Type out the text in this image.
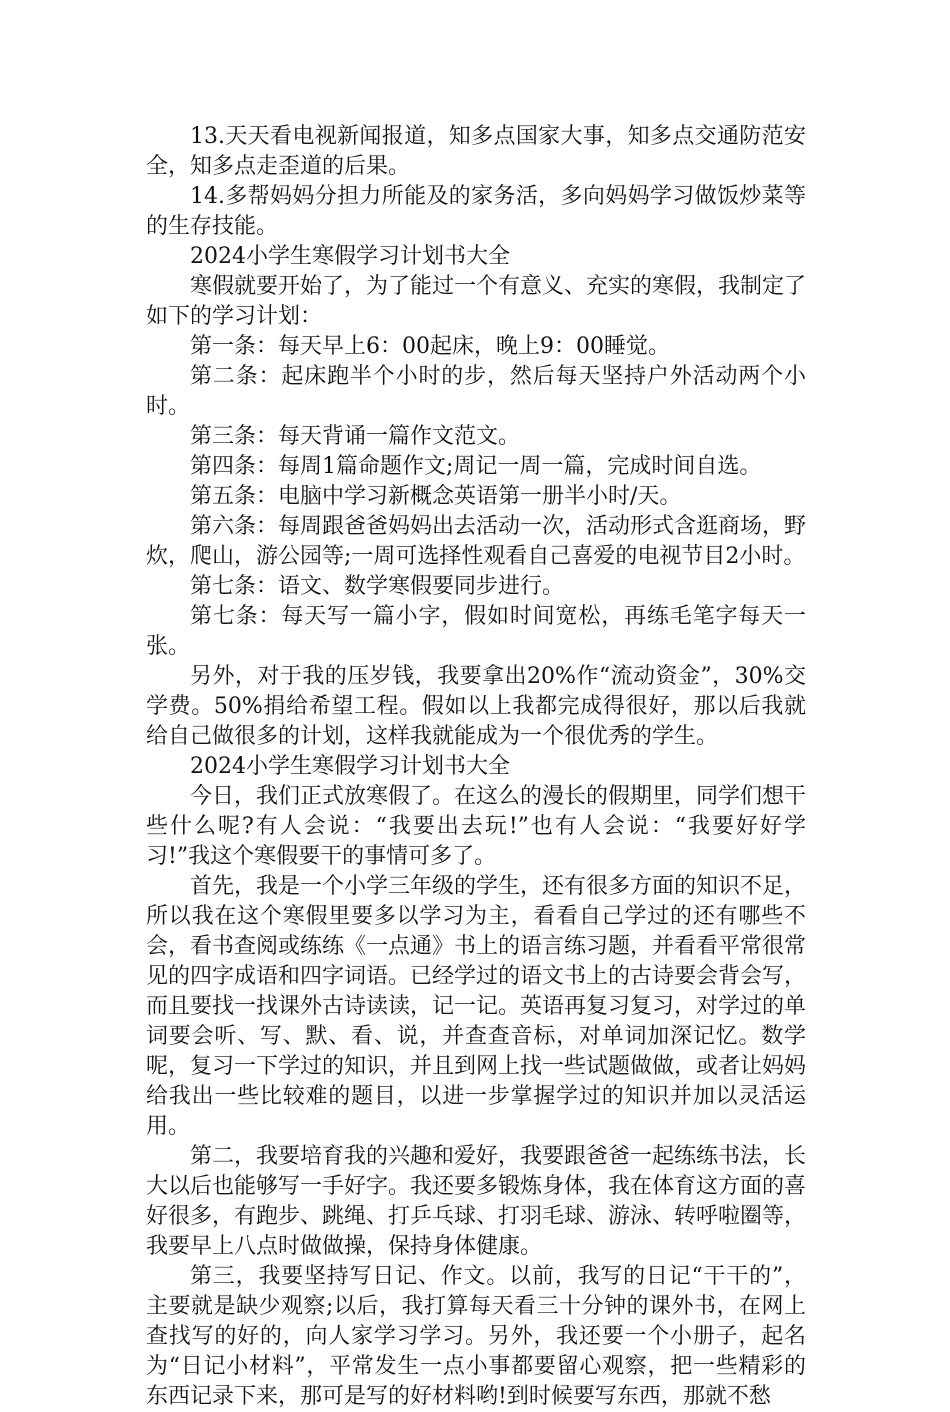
13.天天看电视新闻报道，知多点国家大事，知多点交通防范安全，知多点走歪道的后果。

14.多帮妈妈分担力所能及的家务活，多向妈妈学习做饭炒菜等的生存技能。

2024小学生寒假学习计划书大全

寒假就要开始了，为了能过一个有意义、充实的寒假，我制定了如下的学习计划：

第一条：每天早上6：00起床，晚上9：00睡觉。

第二条：起床跑半个小时的步，然后每天坚持户外活动两个小时。

第三条：每天背诵一篇作文范文。

第四条：每周1篇命题作文;周记一周一篇，完成时间自选。

第五条：电脑中学习新概念英语第一册半小时/天。

第六条：每周跟爸爸妈妈出去活动一次，活动形式含逛商场，野炊，爬山，游公园等;一周可选择性观看自己喜爱的电视节目2小时。

第七条：语文、数学寒假要同步进行。

第七条：每天写一篇小字，假如时间宽松，再练毛笔字每天一张。

另外，对于我的压岁钱，我要拿出20%作“流动资金”，30%交学费。50%捐给希望工程。假如以上我都完成得很好，那以后我就给自己做很多的计划，这样我就能成为一个很优秀的学生。

2024小学生寒假学习计划书大全

今日，我们正式放寒假了。在这么的漫长的假期里，同学们想干些什么呢?有人会说：“我要出去玩!”也有人会说：“我要好好学习!”我这个寒假要干的事情可多了。

首先，我是一个小学三年级的学生，还有很多方面的知识不足，所以我在这个寒假里要多以学习为主，看看自己学过的还有哪些不会，看书查阅或练练《一点通》书上的语言练习题，并看看平常很常见的四字成语和四字词语。已经学过的语文书上的古诗要会背会写，而且要找一找课外古诗读读，记一记。英语再复习复习，对学过的单词要会听、写、默、看、说，并查查音标，对单词加深记忆。数学呢，复习一下学过的知识，并且到网上找一些试题做做，或者让妈妈给我出一些比较难的题目，以进一步掌握学过的知识并加以灵活运用。

第二，我要培育我的兴趣和爱好，我要跟爸爸一起练练书法，长大以后也能够写一手好字。我还要多锻炼身体，我在体育这方面的喜好很多，有跑步、跳绳、打乒乓球、打羽毛球、游泳、转呼啦圈等，我要早上八点时做做操，保持身体健康。

第三，我要坚持写日记、作文。以前，我写的日记“干干的”，主要就是缺少观察;以后，我打算每天看三十分钟的课外书，在网上查找写的好的，向人家学习学习。另外，我还要一个小册子，起名为“日记小材料”，平常发生一点小事都要留心观察，把一些精彩的东西记录下来，那可是写的好材料哟!到时候要写东西，那就不愁
